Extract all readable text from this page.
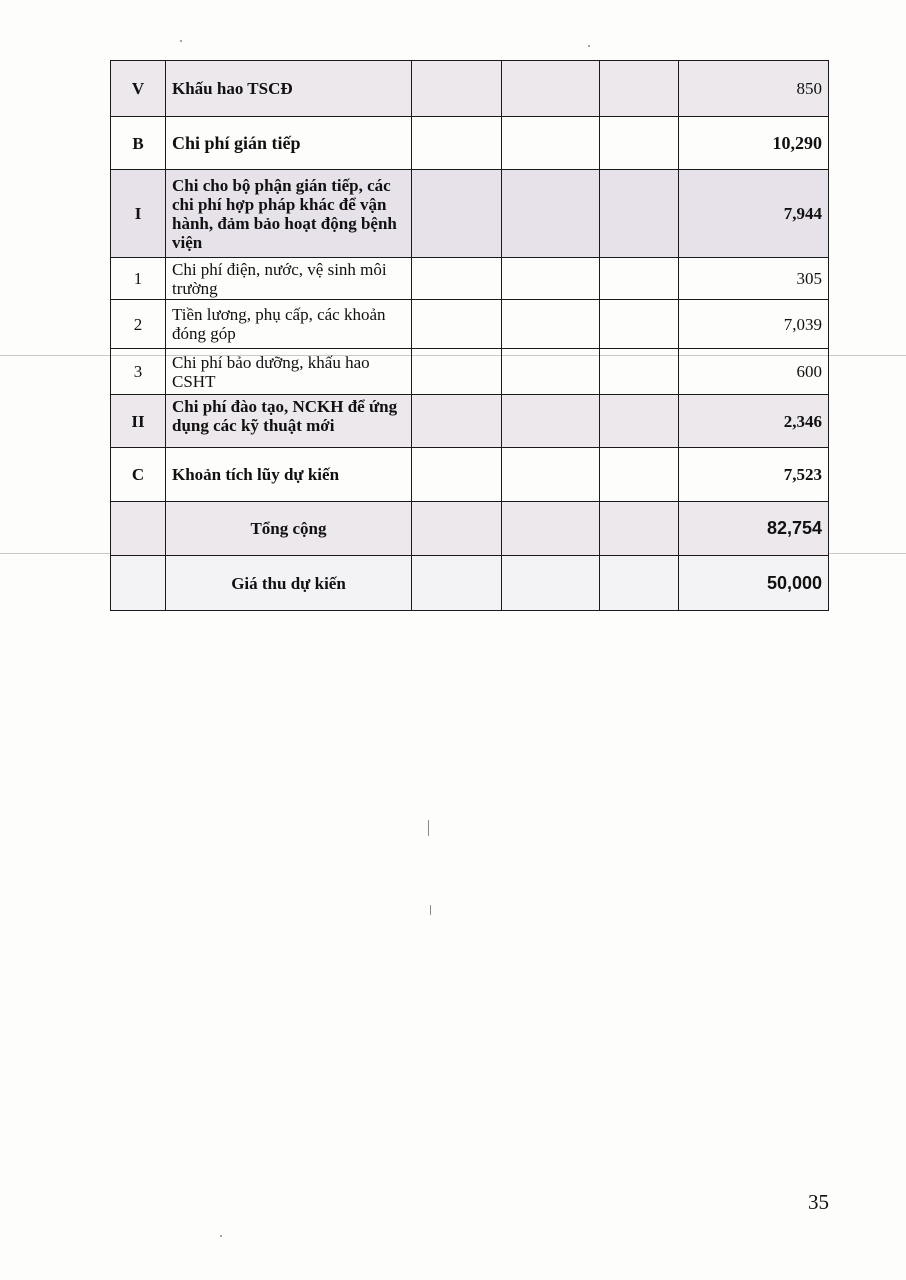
V	Khấu hao TSCĐ				850
B	Chi phí gián tiếp				10,290
I	Chi cho bộ phận gián tiếp, các chi phí hợp pháp khác để vận hành, đảm bảo hoạt động bệnh viện				7,944
1	Chi phí điện, nước, vệ sinh môi trường				305
2	Tiền lương, phụ cấp, các khoản đóng góp				7,039
3	Chi phí bảo dưỡng, khấu hao CSHT				600
II	Chi phí đào tạo, NCKH để ứng dụng các kỹ thuật mới				2,346
C	Khoản tích lũy dự kiến				7,523
	Tổng cộng				82,754
	Giá thu dự kiến				50,000
35
